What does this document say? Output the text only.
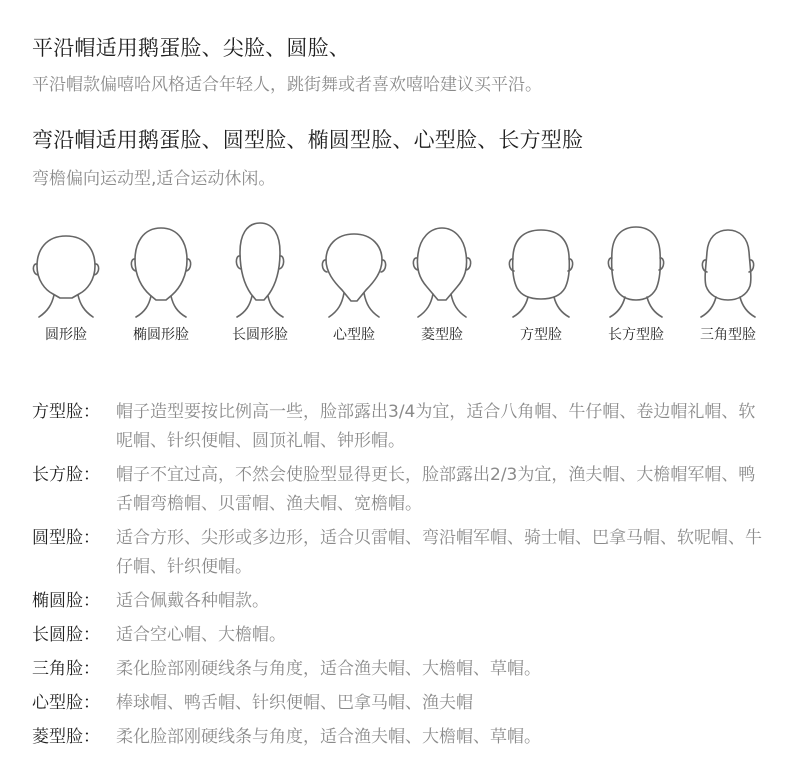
平沿帽适用鹅蛋脸、尖脸、圆脸、
平沿帽款偏嘻哈风格适合年轻人，跳街舞或者喜欢嘻哈建议买平沿。
弯沿帽适用鹅蛋脸、圆型脸、椭圆型脸、心型脸、长方型脸
弯檐偏向运动型,适合运动休闲。
圆形脸	椭圆形脸	长圆形脸	心型脸	菱型脸	方型脸	长方型脸	三角型脸
方型脸： 帽子造型要按比例高一些，脸部露出3/4为宜，适合八角帽、牛仔帽、卷边帽礼帽、软呢帽、针织便帽、圆顶礼帽、钟形帽。
长方脸： 帽子不宜过高，不然会使脸型显得更长，脸部露出2/3为宜，渔夫帽、大檐帽军帽、鸭舌帽弯檐帽、贝雷帽、渔夫帽、宽檐帽。
圆型脸： 适合方形、尖形或多边形，适合贝雷帽、弯沿帽军帽、骑士帽、巴拿马帽、软呢帽、牛仔帽、针织便帽。
椭圆脸： 适合佩戴各种帽款。
长圆脸： 适合空心帽、大檐帽。
三角脸： 柔化脸部刚硬线条与角度，适合渔夫帽、大檐帽、草帽。
心型脸： 棒球帽、鸭舌帽、针织便帽、巴拿马帽、渔夫帽
菱型脸： 柔化脸部刚硬线条与角度，适合渔夫帽、大檐帽、草帽。
